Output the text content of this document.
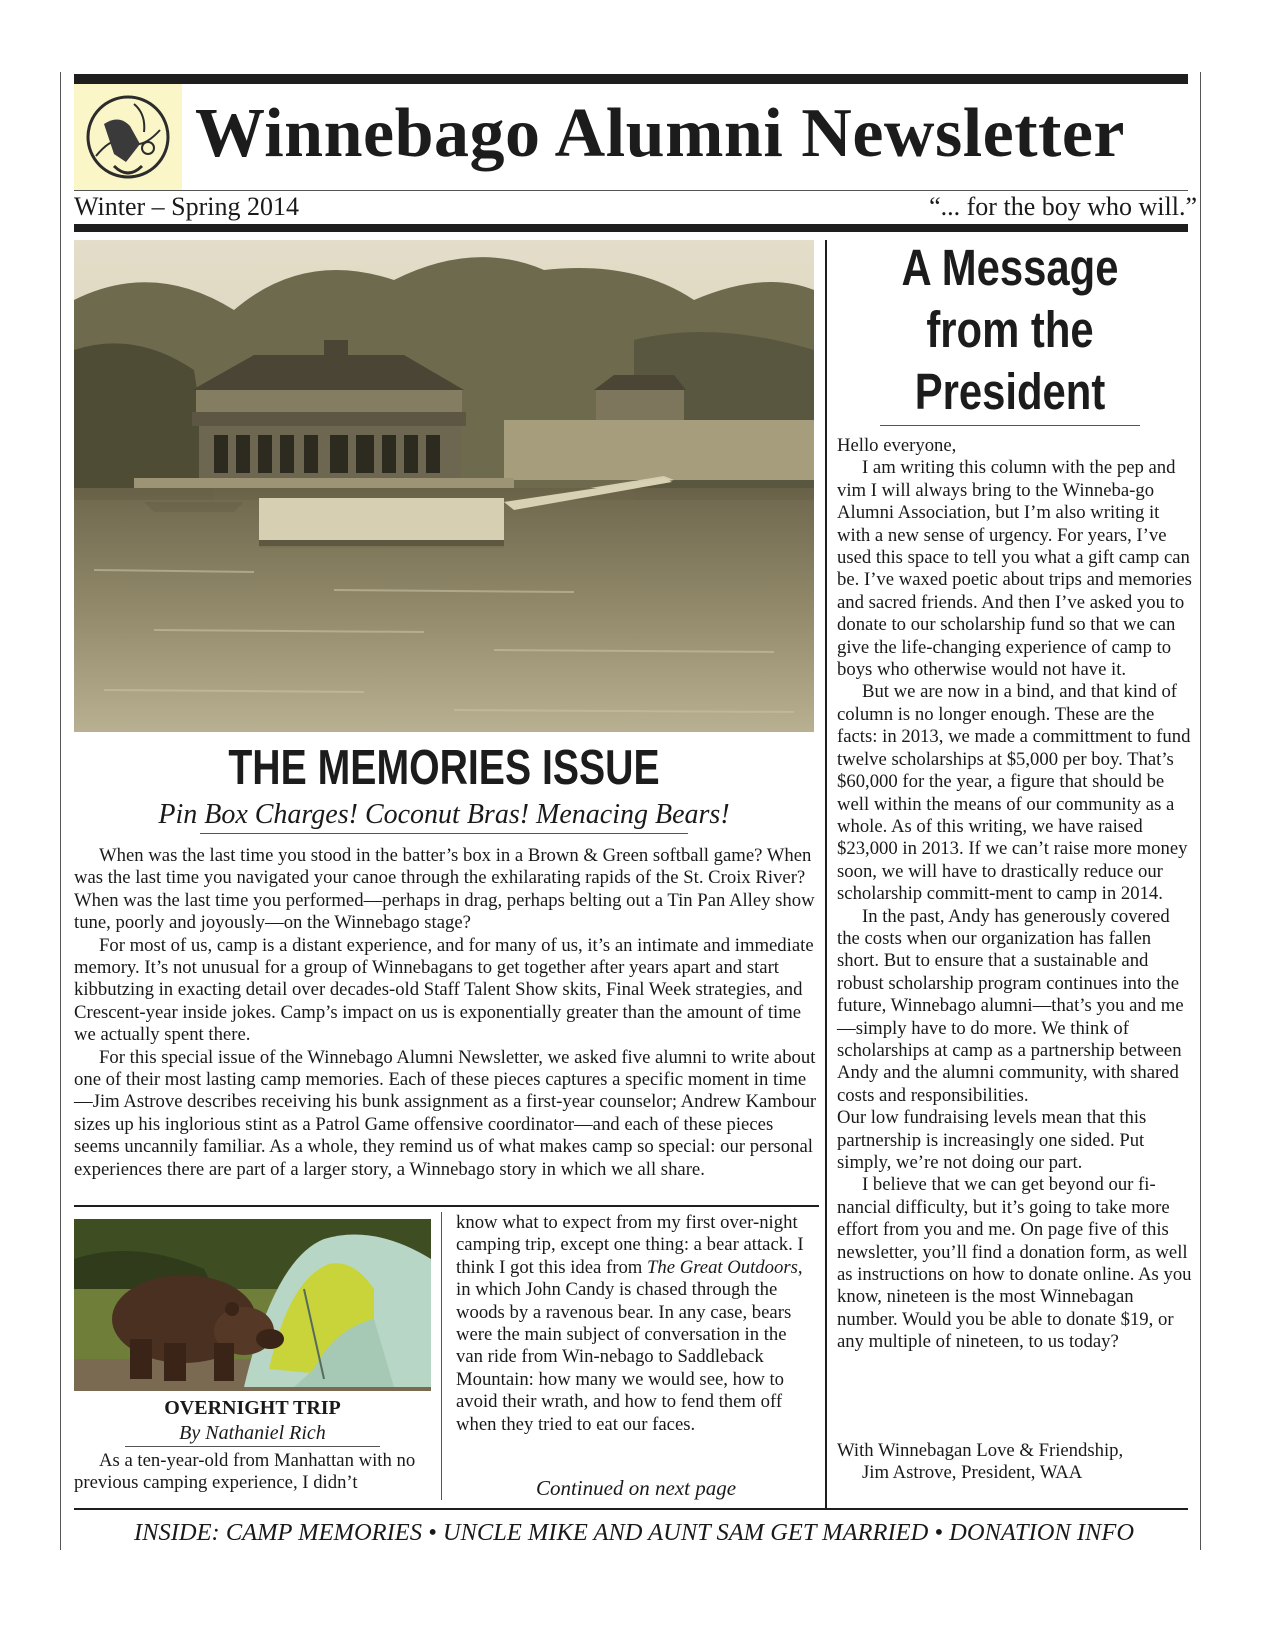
Winnebago Alumni Newsletter
Winter – Spring 2014	“... for the boy who will.”
THE MEMORIES ISSUE
Pin Box Charges! Coconut Bras! Menacing Bears!

When was the last time you stood in the batter’s box in a Brown & Green softball game? When was the last time you navigated your canoe through the exhilarating rapids of the St. Croix River? When was the last time you performed—perhaps in drag, perhaps belting out a Tin Pan Alley show tune, poorly and joyously—on the Winnebago stage?

For most of us, camp is a distant experience, and for many of us, it’s an intimate and immediate memory. It’s not unusual for a group of Winnebagans to get together after years apart and start kibbutzing in exacting detail over decades-old Staff Talent Show skits, Final Week strategies, and Crescent-year inside jokes. Camp’s impact on us is exponentially greater than the amount of time we actually spent there.

For this special issue of the Winnebago Alumni Newsletter, we asked five alumni to write about one of their most lasting camp memories. Each of these pieces captures a specific moment in time—Jim Astrove describes receiving his bunk assignment as a first-year counselor; Andrew Kambour sizes up his inglorious stint as a Patrol Game offensive coordinator—and each of these pieces seems uncannily familiar. As a whole, they remind us of what makes camp so special: our personal experiences there are part of a larger story, a Winnebago story in which we all share.

OVERNIGHT TRIP
By Nathaniel Rich

As a ten-year-old from Manhattan with no previous camping experience, I didn’t

know what to expect from my first over-night camping trip, except one thing: a bear attack. I think I got this idea from The Great Outdoors, in which John Candy is chased through the woods by a ravenous bear. In any case, bears were the main subject of conversation in the van ride from Win-nebago to Saddleback Mountain: how many we would see, how to avoid their wrath, and how to fend them off when they tried to eat our faces.

Continued on next page
A Message
from the
President

Hello everyone,

I am writing this column with the pep and vim I will always bring to the Winneba-go Alumni Association, but I’m also writing it with a new sense of urgency. For years, I’ve used this space to tell you what a gift camp can be. I’ve waxed poetic about trips and memories and sacred friends. And then I’ve asked you to donate to our scholarship fund so that we can give the life-changing experience of camp to boys who otherwise would not have it.

But we are now in a bind, and that kind of column is no longer enough. These are the facts: in 2013, we made a committment to fund twelve scholarships at $5,000 per boy. That’s $60,000 for the year, a figure that should be well within the means of our community as a whole. As of this writing, we have raised $23,000 in 2013. If we can’t raise more money soon, we will have to drastically reduce our scholarship committ-ment to camp in 2014.

In the past, Andy has generously covered the costs when our organization has fallen short. But to ensure that a sustainable and robust scholarship program continues into the future, Winnebago alumni—that’s you and me—simply have to do more. We think of scholarships at camp as a partnership between Andy and the alumni community, with shared costs and responsibilities.

Our low fundraising levels mean that this partnership is increasingly one sided. Put simply, we’re not doing our part.

I believe that we can get beyond our fi-nancial difficulty, but it’s going to take more effort from you and me. On page five of this newsletter, you’ll find a donation form, as well as instructions on how to donate online. As you know, nineteen is the most Winnebagan number. Would you be able to donate $19, or any multiple of nineteen, to us today?

With Winnebagan Love & Friendship,

Jim Astrove, President, WAA

INSIDE: CAMP MEMORIES • UNCLE MIKE AND AUNT SAM GET MARRIED • DONATION INFO
